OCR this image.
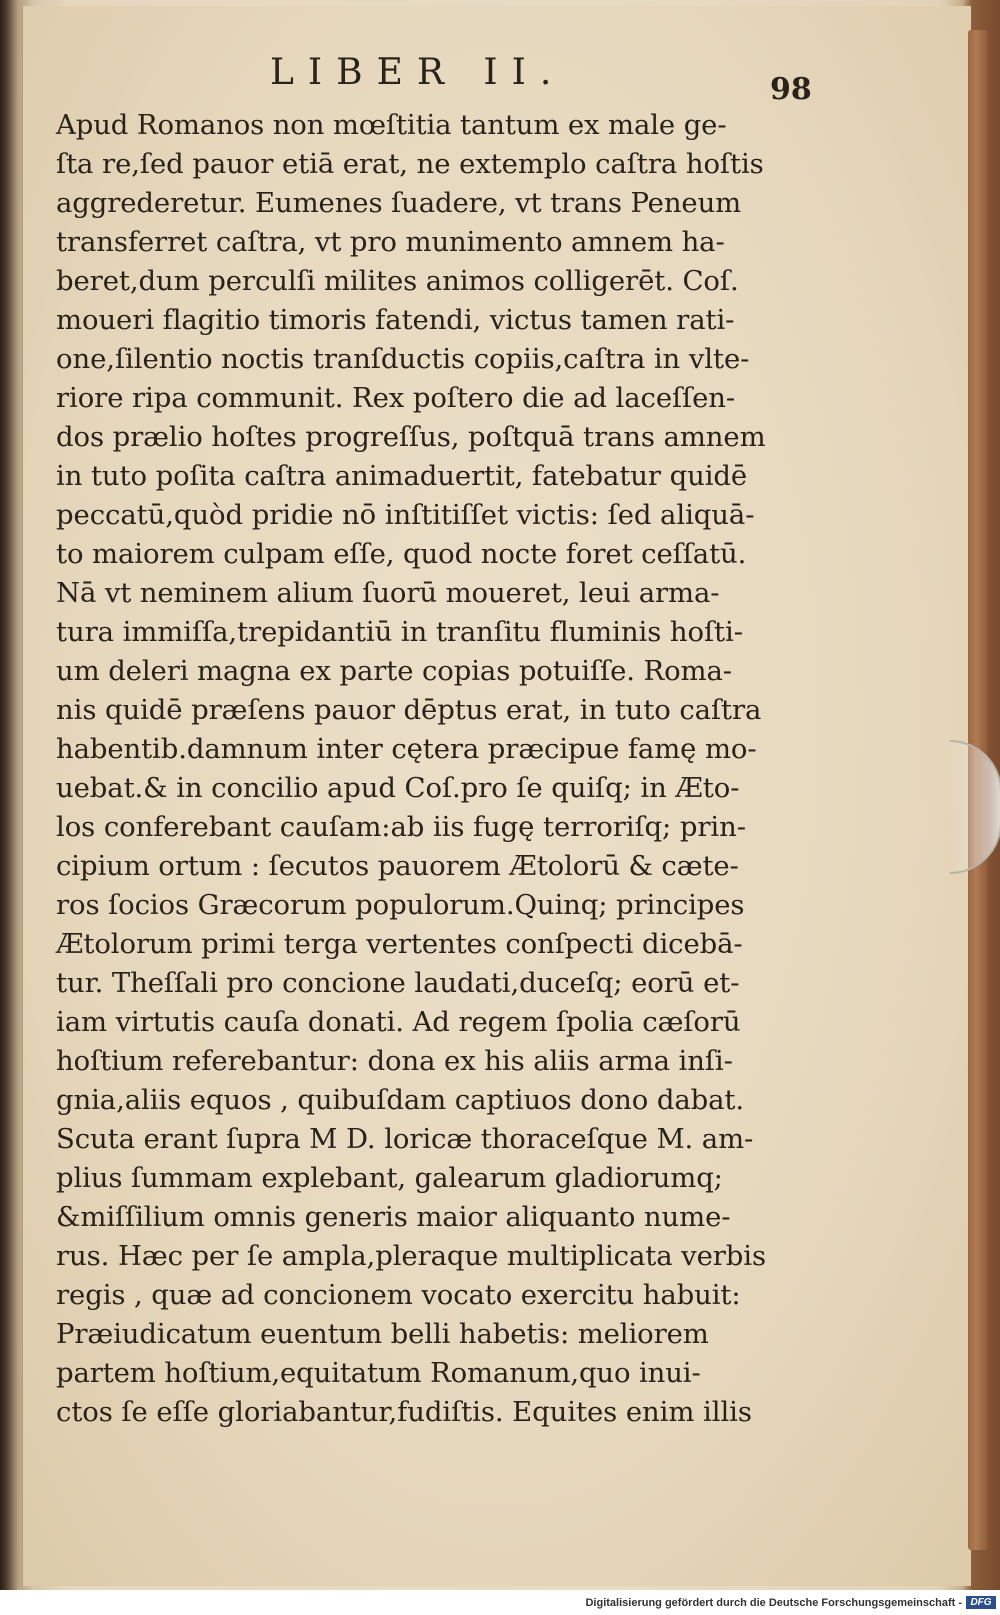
LIBER II.	98
Apud Romanos non mœſtitia tantum ex male ge-
ſta re,ſed pauor etiā erat, ne extemplo caſtra hoſtis
aggrederetur. Eumenes ſuadere, vt trans Peneum
transferret caſtra, vt pro munimento amnem ha-
beret,dum perculſi milites animos colligerēt. Coſ.
moueri flagitio timoris fatendi, victus tamen rati-
one,ſilentio noctis tranſductis copiis,caſtra in vlte-
riore ripa communit. Rex poſtero die ad laceſſen-
dos prælio hoſtes progreſſus, poſtquā trans amnem
in tuto poſita caſtra animaduertit, fatebatur quidē
peccatū,quòd pridie nō inſtitiſſet victis: ſed aliquā-
to maiorem culpam eſſe, quod nocte foret ceſſatū.
Nā vt neminem alium ſuorū moueret, leui arma-
tura immiſſa,trepidantiū in tranſitu fluminis hoſti-
um deleri magna ex parte copias potuiſſe. Roma-
nis quidē præſens pauor dēptus erat, in tuto caſtra
habentib.damnum inter cętera præcipue famę mo-
uebat.& in concilio apud Coſ.pro ſe quiſq; in Æto-
los conferebant cauſam:ab iis fugę terroriſq; prin-
cipium ortum : ſecutos pauorem Ætolorū & cæte-
ros ſocios Græcorum populorum.Quinq; principes
Ætolorum primi terga vertentes conſpecti dicebā-
tur. Theſſali pro concione laudati,duceſq; eorū et-
iam virtutis cauſa donati. Ad regem ſpolia cæſorū
hoſtium referebantur: dona ex his aliis arma inſi-
gnia,aliis equos , quibuſdam captiuos dono dabat.
Scuta erant ſupra M D. loricæ thoraceſque M. am-
plius ſummam explebant, galearum gladiorumq;
&miſſilium omnis generis maior aliquanto nume-
rus. Hæc per ſe ampla,pleraque multiplicata verbis
regis , quæ ad concionem vocato exercitu habuit:
Præiudicatum euentum belli habetis: meliorem
partem hoſtium,equitatum Romanum,quo inui-
ctos ſe eſſe gloriabantur,fudiſtis. Equites enim illis
Digitalisierung gefördert durch die Deutsche Forschungsgemeinschaft - DFG
